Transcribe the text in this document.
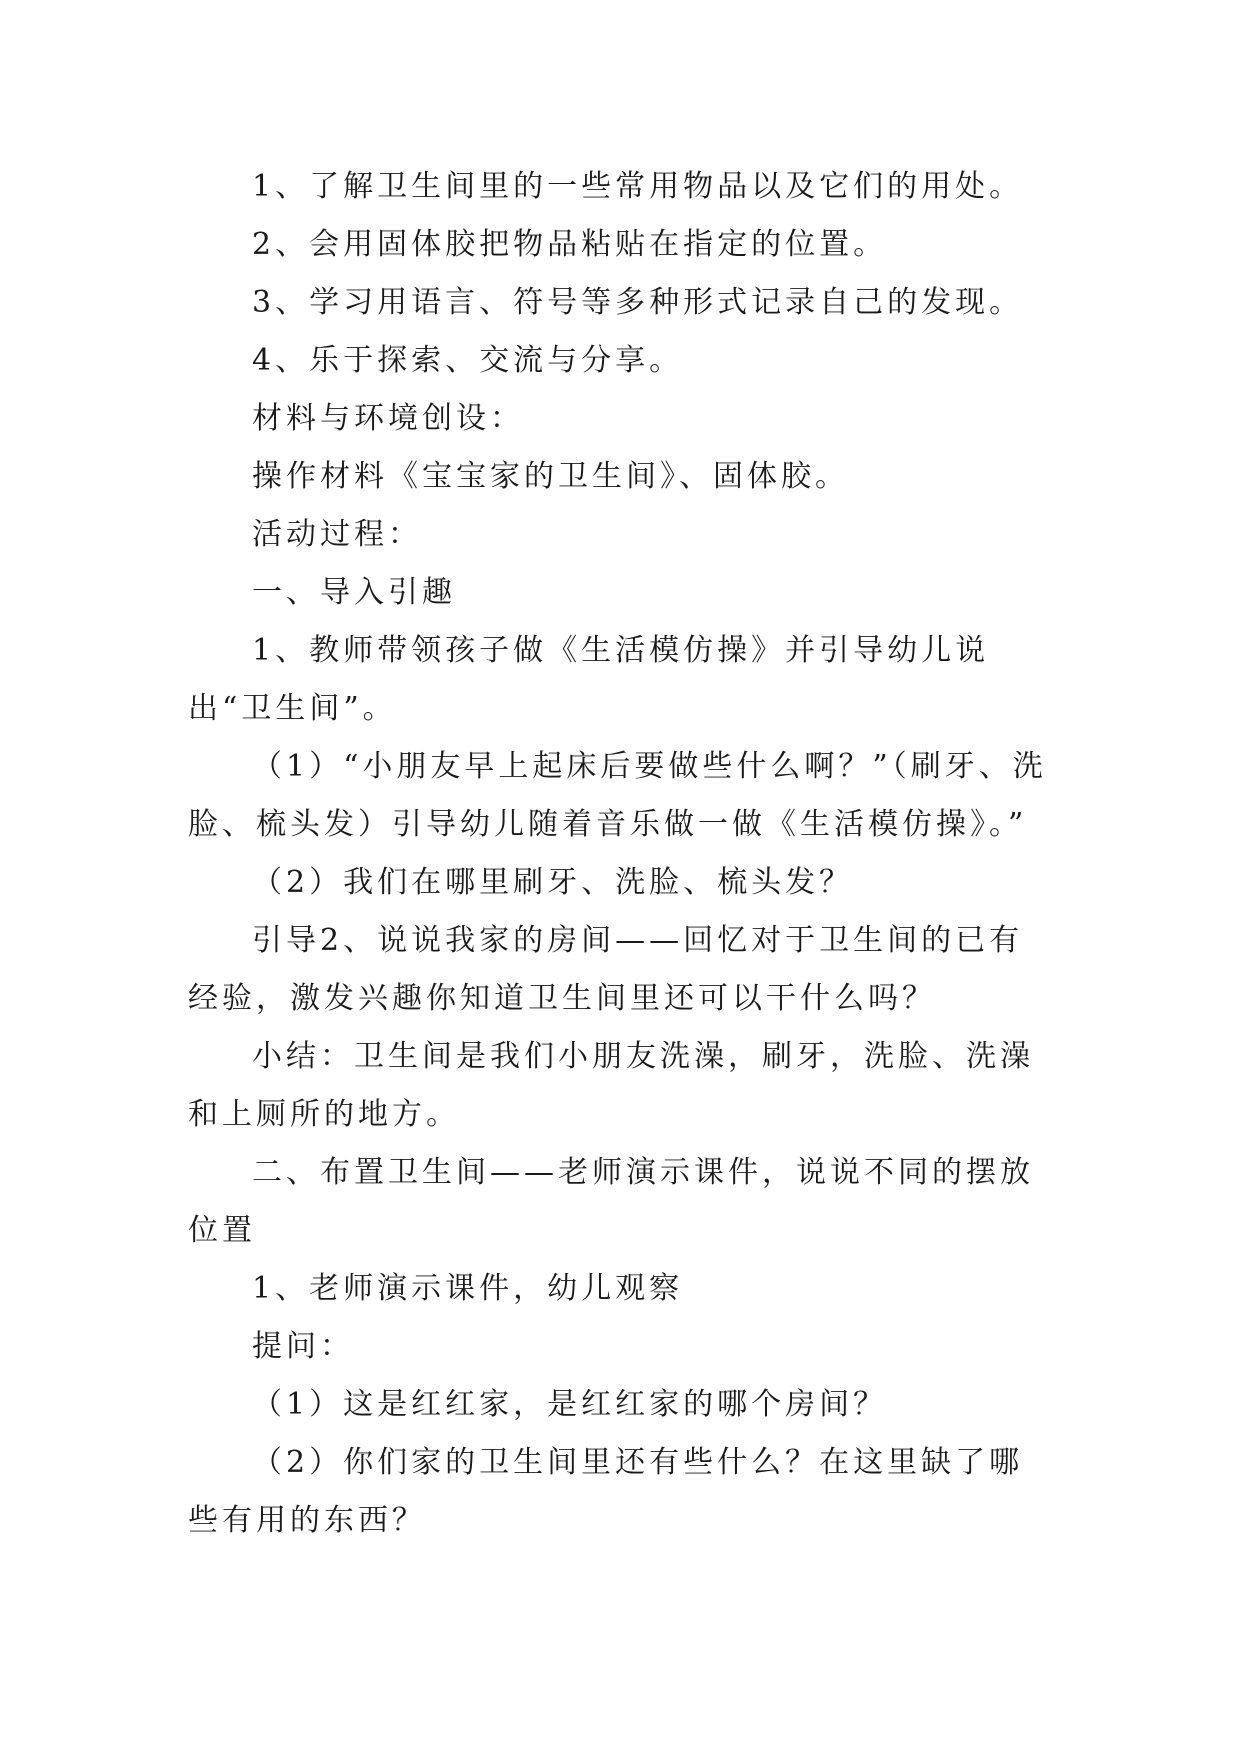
1、了解卫生间里的一些常用物品以及它们的用处。

2、会用固体胶把物品粘贴在指定的位置。

3、学习用语言、符号等多种形式记录自己的发现。

4、乐于探索、交流与分享。

材料与环境创设：

操作材料《宝宝家的卫生间》、固体胶。

活动过程：

一、导入引趣

1、教师带领孩子做《生活模仿操》并引导幼儿说出“卫生间”。

（1）“小朋友早上起床后要做些什么啊？”（刷牙、洗脸、梳头发）引导幼儿随着音乐做一做《生活模仿操》。”

（2）我们在哪里刷牙、洗脸、梳头发？

引导2、说说我家的房间——回忆对于卫生间的已有经验，激发兴趣你知道卫生间里还可以干什么吗？

小结：卫生间是我们小朋友洗澡，刷牙，洗脸、洗澡和上厕所的地方。

二、布置卫生间——老师演示课件，说说不同的摆放位置

1、老师演示课件，幼儿观察

提问：

（1）这是红红家，是红红家的哪个房间？

（2）你们家的卫生间里还有些什么？在这里缺了哪些有用的东西？
